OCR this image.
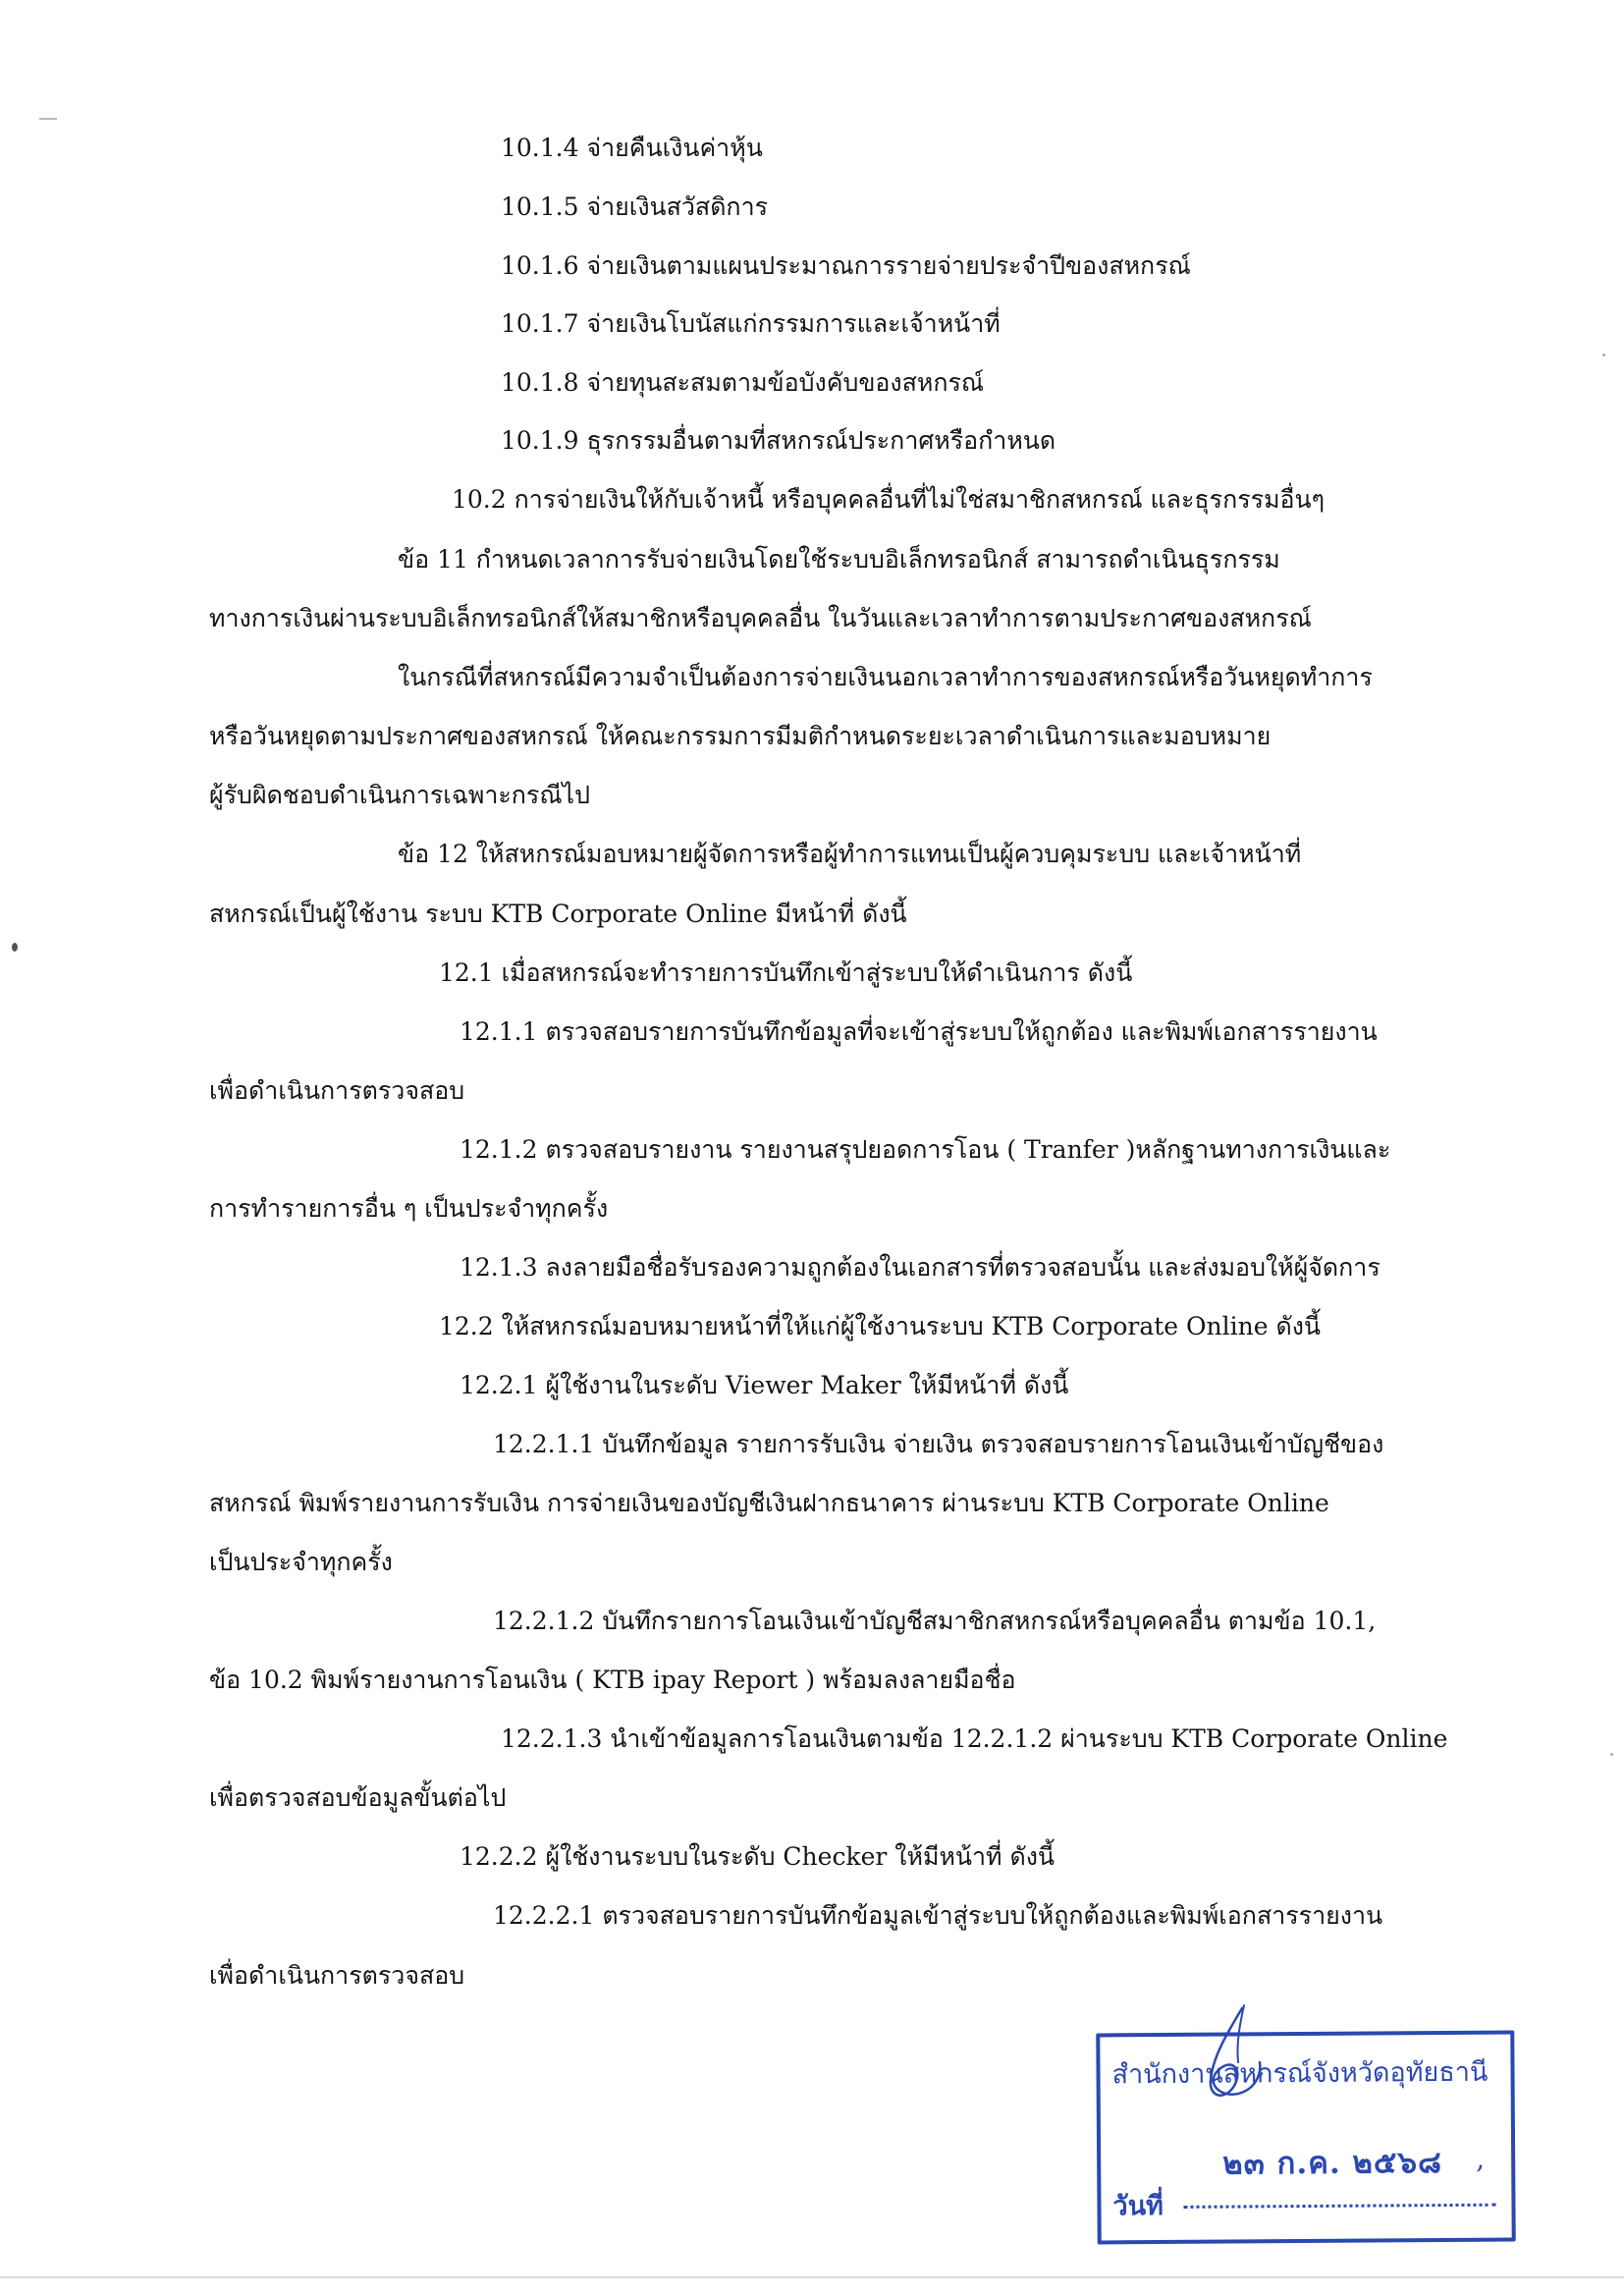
10.1.4 จ่ายคืนเงินค่าหุ้น
10.1.5 จ่ายเงินสวัสดิการ
10.1.6 จ่ายเงินตามแผนประมาณการรายจ่ายประจำปีของสหกรณ์
10.1.7 จ่ายเงินโบนัสแก่กรรมการและเจ้าหน้าที่
10.1.8 จ่ายทุนสะสมตามข้อบังคับของสหกรณ์
10.1.9 ธุรกรรมอื่นตามที่สหกรณ์ประกาศหรือกำหนด
10.2 การจ่ายเงินให้กับเจ้าหนี้ หรือบุคคลอื่นที่ไม่ใช่สมาชิกสหกรณ์ และธุรกรรมอื่นๆ
ข้อ 11 กำหนดเวลาการรับจ่ายเงินโดยใช้ระบบอิเล็กทรอนิกส์ สามารถดำเนินธุรกรรม
ทางการเงินผ่านระบบอิเล็กทรอนิกส์ให้สมาชิกหรือบุคคลอื่น ในวันและเวลาทำการตามประกาศของสหกรณ์
ในกรณีที่สหกรณ์มีความจำเป็นต้องการจ่ายเงินนอกเวลาทำการของสหกรณ์หรือวันหยุดทำการ
หรือวันหยุดตามประกาศของสหกรณ์ ให้คณะกรรมการมีมติกำหนดระยะเวลาดำเนินการและมอบหมาย
ผู้รับผิดชอบดำเนินการเฉพาะกรณีไป
ข้อ 12 ให้สหกรณ์มอบหมายผู้จัดการหรือผู้ทำการแทนเป็นผู้ควบคุมระบบ และเจ้าหน้าที่
สหกรณ์เป็นผู้ใช้งาน ระบบ KTB Corporate Online มีหน้าที่ ดังนี้
12.1 เมื่อสหกรณ์จะทำรายการบันทึกเข้าสู่ระบบให้ดำเนินการ ดังนี้
12.1.1 ตรวจสอบรายการบันทึกข้อมูลที่จะเข้าสู่ระบบให้ถูกต้อง และพิมพ์เอกสารรายงาน
เพื่อดำเนินการตรวจสอบ
12.1.2 ตรวจสอบรายงาน รายงานสรุปยอดการโอน ( Tranfer )หลักฐานทางการเงินและ
การทำรายการอื่น ๆ เป็นประจำทุกครั้ง
12.1.3 ลงลายมือชื่อรับรองความถูกต้องในเอกสารที่ตรวจสอบนั้น และส่งมอบให้ผู้จัดการ
12.2 ให้สหกรณ์มอบหมายหน้าที่ให้แก่ผู้ใช้งานระบบ KTB Corporate Online ดังนี้
12.2.1 ผู้ใช้งานในระดับ Viewer Maker ให้มีหน้าที่ ดังนี้
12.2.1.1 บันทึกข้อมูล รายการรับเงิน จ่ายเงิน ตรวจสอบรายการโอนเงินเข้าบัญชีของ
สหกรณ์ พิมพ์รายงานการรับเงิน การจ่ายเงินของบัญชีเงินฝากธนาคาร ผ่านระบบ KTB Corporate Online
เป็นประจำทุกครั้ง
12.2.1.2 บันทึกรายการโอนเงินเข้าบัญชีสมาชิกสหกรณ์หรือบุคคลอื่น ตามข้อ 10.1,
ข้อ 10.2 พิมพ์รายงานการโอนเงิน ( KTB ipay Report ) พร้อมลงลายมือชื่อ
12.2.1.3 นำเข้าข้อมูลการโอนเงินตามข้อ 12.2.1.2 ผ่านระบบ KTB Corporate Online
เพื่อตรวจสอบข้อมูลขั้นต่อไป
12.2.2 ผู้ใช้งานระบบในระดับ Checker ให้มีหน้าที่ ดังนี้
12.2.2.1 ตรวจสอบรายการบันทึกข้อมูลเข้าสู่ระบบให้ถูกต้องและพิมพ์เอกสารรายงาน
เพื่อดำเนินการตรวจสอบ
สำนักงานสหกรณ์จังหวัดอุทัยธานี
๒๓ ก.ค. ๒๕๖๘ ,
วันที่
